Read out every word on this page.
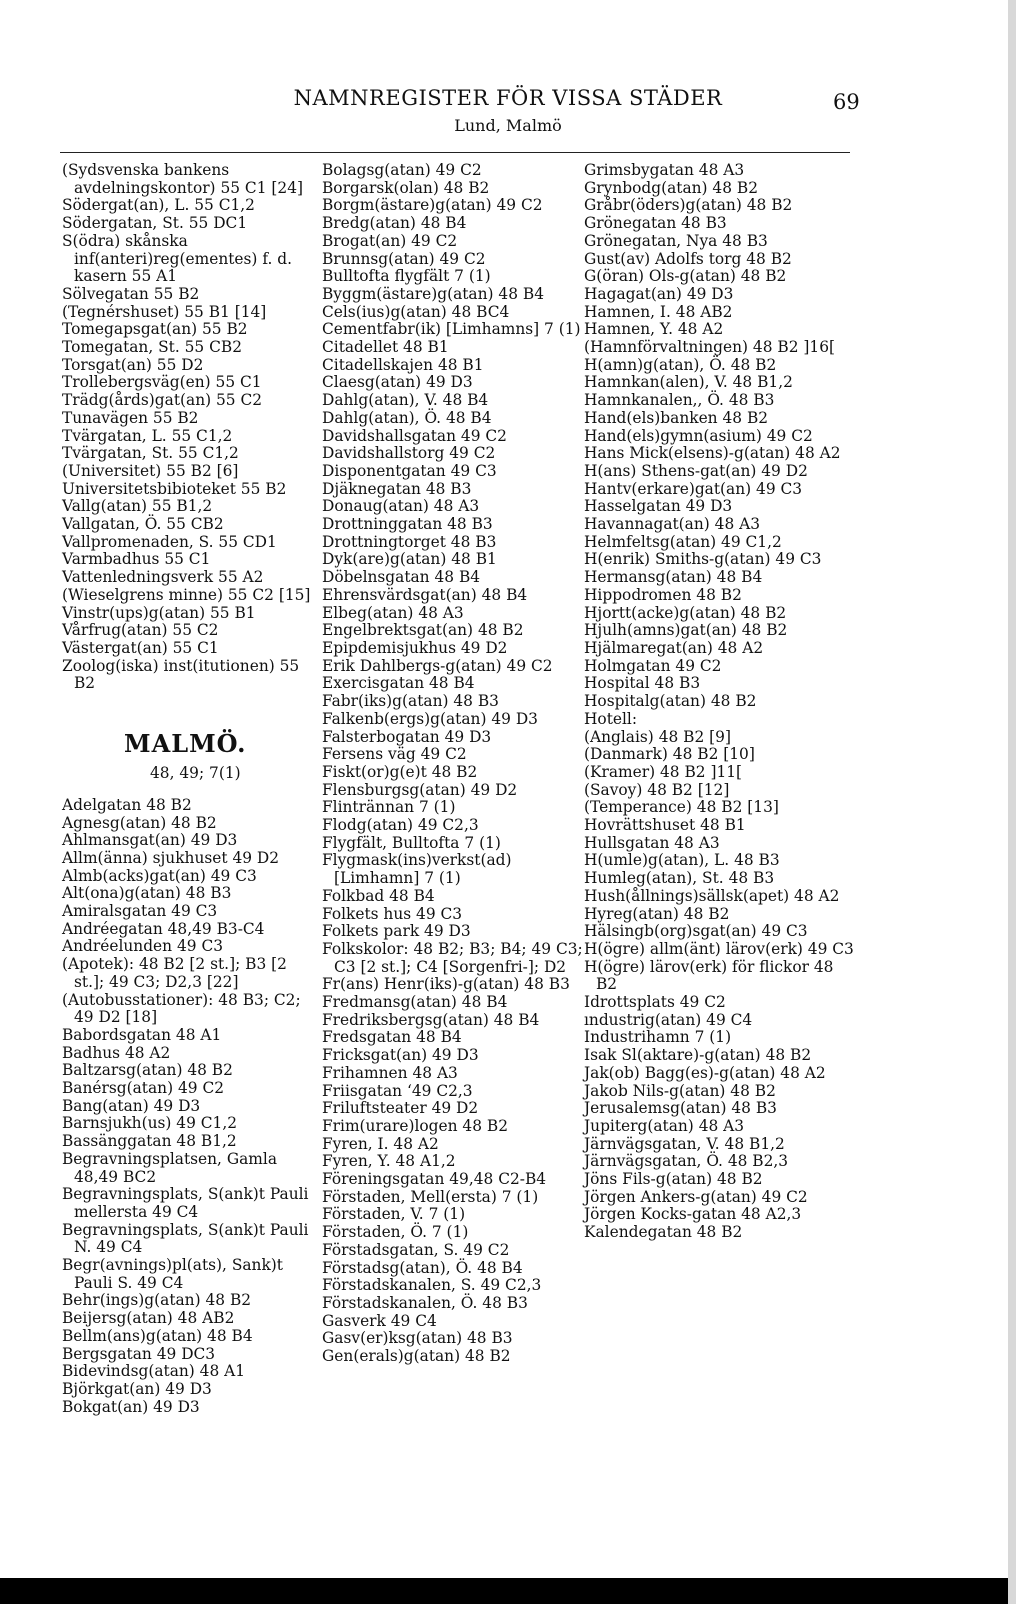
NAMNREGISTER FÖR VISSA STÄDER
Lund, Malmö
69
(Sydsvenska bankens avdelningskontor) 55 C1 [24]
Södergat(an), L. 55 C1,2
Södergatan, St. 55 DC1
S(ödra) skånska inf(anteri)reg(ementes) f. d. kasern 55 A1
Sölvegatan 55 B2
(Tegnérshuset) 55 B1 [14]
Tomegapsgat(an) 55 B2
Tomegatan, St. 55 CB2
Torsgat(an) 55 D2
Trollebergsväg(en) 55 C1
Trädg(årds)gat(an) 55 C2
Tunavägen 55 B2
Tvärgatan, L. 55 C1,2
Tvärgatan, St. 55 C1,2
(Universitet) 55 B2 [6]
Universitetsbibioteket 55 B2
Vallg(atan) 55 B1,2
Vallgatan, Ö. 55 CB2
Vallpromenaden, S. 55 CD1
Varmbadhus 55 C1
Vattenledningsverk 55 A2
(Wieselgrens minne) 55 C2 [15]
Vinstr(ups)g(atan) 55 B1
Vårfrug(atan) 55 C2
Västergat(an) 55 C1
Zoolog(iska) inst(itutionen) 55 B2
MALMÖ.
48, 49; 7(1)
Adelgatan 48 B2
Agnesg(atan) 48 B2
Ahlmansgat(an) 49 D3
Allm(änna) sjukhuset 49 D2
Almb(acks)gat(an) 49 C3
Alt(ona)g(atan) 48 B3
Amiralsgatan 49 C3
Andréegatan 48,49 B3-C4
Andréelunden 49 C3
(Apotek): 48 B2 [2 st.]; B3 [2 st.]; 49 C3; D2,3 [22]
(Autobusstationer): 48 B3; C2; 49 D2 [18]
Babordsgatan 48 A1
Badhus 48 A2
Baltzarsg(atan) 48 B2
Banérsg(atan) 49 C2
Bang(atan) 49 D3
Barnsjukh(us) 49 C1,2
Bassänggatan 48 B1,2
Begravningsplatsen, Gamla 48,49 BC2
Begravningsplats, S(ank)t Pauli mellersta 49 C4
Begravningsplats, S(ank)t Pauli N. 49 C4
Begr(avnings)pl(ats), Sank)t Pauli S. 49 C4
Behr(ings)g(atan) 48 B2
Beijersg(atan) 48 AB2
Bellm(ans)g(atan) 48 B4
Bergsgatan 49 DC3
Bidevindsg(atan) 48 A1
Björkgat(an) 49 D3
Bokgat(an) 49 D3
Bolagsg(atan) 49 C2
Borgarsk(olan) 48 B2
Borgm(ästare)g(atan) 49 C2
Bredg(atan) 48 B4
Brogat(an) 49 C2
Brunnsg(atan) 49 C2
Bulltofta flygfält 7 (1)
Byggm(ästare)g(atan) 48 B4
Cels(ius)g(atan) 48 BC4
Cementfabr(ik) [Limhamns] 7 (1)
Citadellet 48 B1
Citadellskajen 48 B1
Claesg(atan) 49 D3
Dahlg(atan), V. 48 B4
Dahlg(atan), Ö. 48 B4
Davidshallsgatan 49 C2
Davidshallstorg 49 C2
Disponentgatan 49 C3
Djäknegatan 48 B3
Donaug(atan) 48 A3
Drottninggatan 48 B3
Drottningtorget 48 B3
Dyk(are)g(atan) 48 B1
Döbelnsgatan 48 B4
Ehrensvärdsgat(an) 48 B4
Elbeg(atan) 48 A3
Engelbrektsgat(an) 48 B2
Epipdemisjukhus 49 D2
Erik Dahlbergs-g(atan) 49 C2
Exercisgatan 48 B4
Fabr(iks)g(atan) 48 B3
Falkenb(ergs)g(atan) 49 D3
Falsterbogatan 49 D3
Fersens väg 49 C2
Fiskt(or)g(e)t 48 B2
Flensburgsg(atan) 49 D2
Flintrännan 7 (1)
Flodg(atan) 49 C2,3
Flygfält, Bulltofta 7 (1)
Flygmask(ins)verkst(ad) [Limhamn] 7 (1)
Folkbad 48 B4
Folkets hus 49 C3
Folkets park 49 D3
Folkskolor: 48 B2; B3; B4; 49 C3; C3 [2 st.]; C4 [Sorgenfri-]; D2
Fr(ans) Henr(iks)-g(atan) 48 B3
Fredmansg(atan) 48 B4
Fredriksbergsg(atan) 48 B4
Fredsgatan 48 B4
Fricksgat(an) 49 D3
Frihamnen 48 A3
Friisgatan ‘49 C2,3
Friluftsteater 49 D2
Frim(urare)logen 48 B2
Fyren, I. 48 A2
Fyren, Y. 48 A1,2
Föreningsgatan 49,48 C2-B4
Förstaden, Mell(ersta) 7 (1)
Förstaden, V. 7 (1)
Förstaden, Ö. 7 (1)
Förstadsgatan, S. 49 C2
Förstadsg(atan), Ö. 48 B4
Förstadskanalen, S. 49 C2,3
Förstadskanalen, Ö. 48 B3
Gasverk 49 C4
Gasv(er)ksg(atan) 48 B3
Gen(erals)g(atan) 48 B2
Grimsbygatan 48 A3
Grynbodg(atan) 48 B2
Gråbr(öders)g(atan) 48 B2
Grönegatan 48 B3
Grönegatan, Nya 48 B3
Gust(av) Adolfs torg 48 B2
G(öran) Ols-g(atan) 48 B2
Hagagat(an) 49 D3
Hamnen, I. 48 AB2
Hamnen, Y. 48 A2
(Hamnförvaltningen) 48 B2 ]16[
H(amn)g(atan), Ö. 48 B2
Hamnkan(alen), V. 48 B1,2
Hamnkanalen,, Ö. 48 B3
Hand(els)banken 48 B2
Hand(els)gymn(asium) 49 C2
Hans Mick(elsens)-g(atan) 48 A2
H(ans) Sthens-gat(an) 49 D2
Hantv(erkare)gat(an) 49 C3
Hasselgatan 49 D3
Havannagat(an) 48 A3
Helmfeltsg(atan) 49 C1,2
H(enrik) Smiths-g(atan) 49 C3
Hermansg(atan) 48 B4
Hippodromen 48 B2
Hjortt(acke)g(atan) 48 B2
Hjulh(amns)gat(an) 48 B2
Hjälmaregat(an) 48 A2
Holmgatan 49 C2
Hospital 48 B3
Hospitalg(atan) 48 B2
Hotell:
(Anglais) 48 B2 [9]
(Danmark) 48 B2 [10]
(Kramer) 48 B2 ]11[
(Savoy) 48 B2 [12]
(Temperance) 48 B2 [13]
Hovrättshuset 48 B1
Hullsgatan 48 A3
H(umle)g(atan), L. 48 B3
Humleg(atan), St. 48 B3
Hush(ållnings)sällsk(apet) 48 A2
Hyreg(atan) 48 B2
Hälsingb(org)sgat(an) 49 C3
H(ögre) allm(änt) lärov(erk) 49 C3
H(ögre) lärov(erk) för flickor 48 B2
Idrottsplats 49 C2
ındustrig(atan) 49 C4
Industrihamn 7 (1)
Isak Sl(aktare)-g(atan) 48 B2
Jak(ob) Bagg(es)-g(atan) 48 A2
Jakob Nils-g(atan) 48 B2
Jerusalemsg(atan) 48 B3
Jupiterg(atan) 48 A3
Järnvägsgatan, V. 48 B1,2
Järnvägsgatan, Ö. 48 B2,3
Jöns Fils-g(atan) 48 B2
Jörgen Ankers-g(atan) 49 C2
Jörgen Kocks-gatan 48 A2,3
Kalendegatan 48 B2
